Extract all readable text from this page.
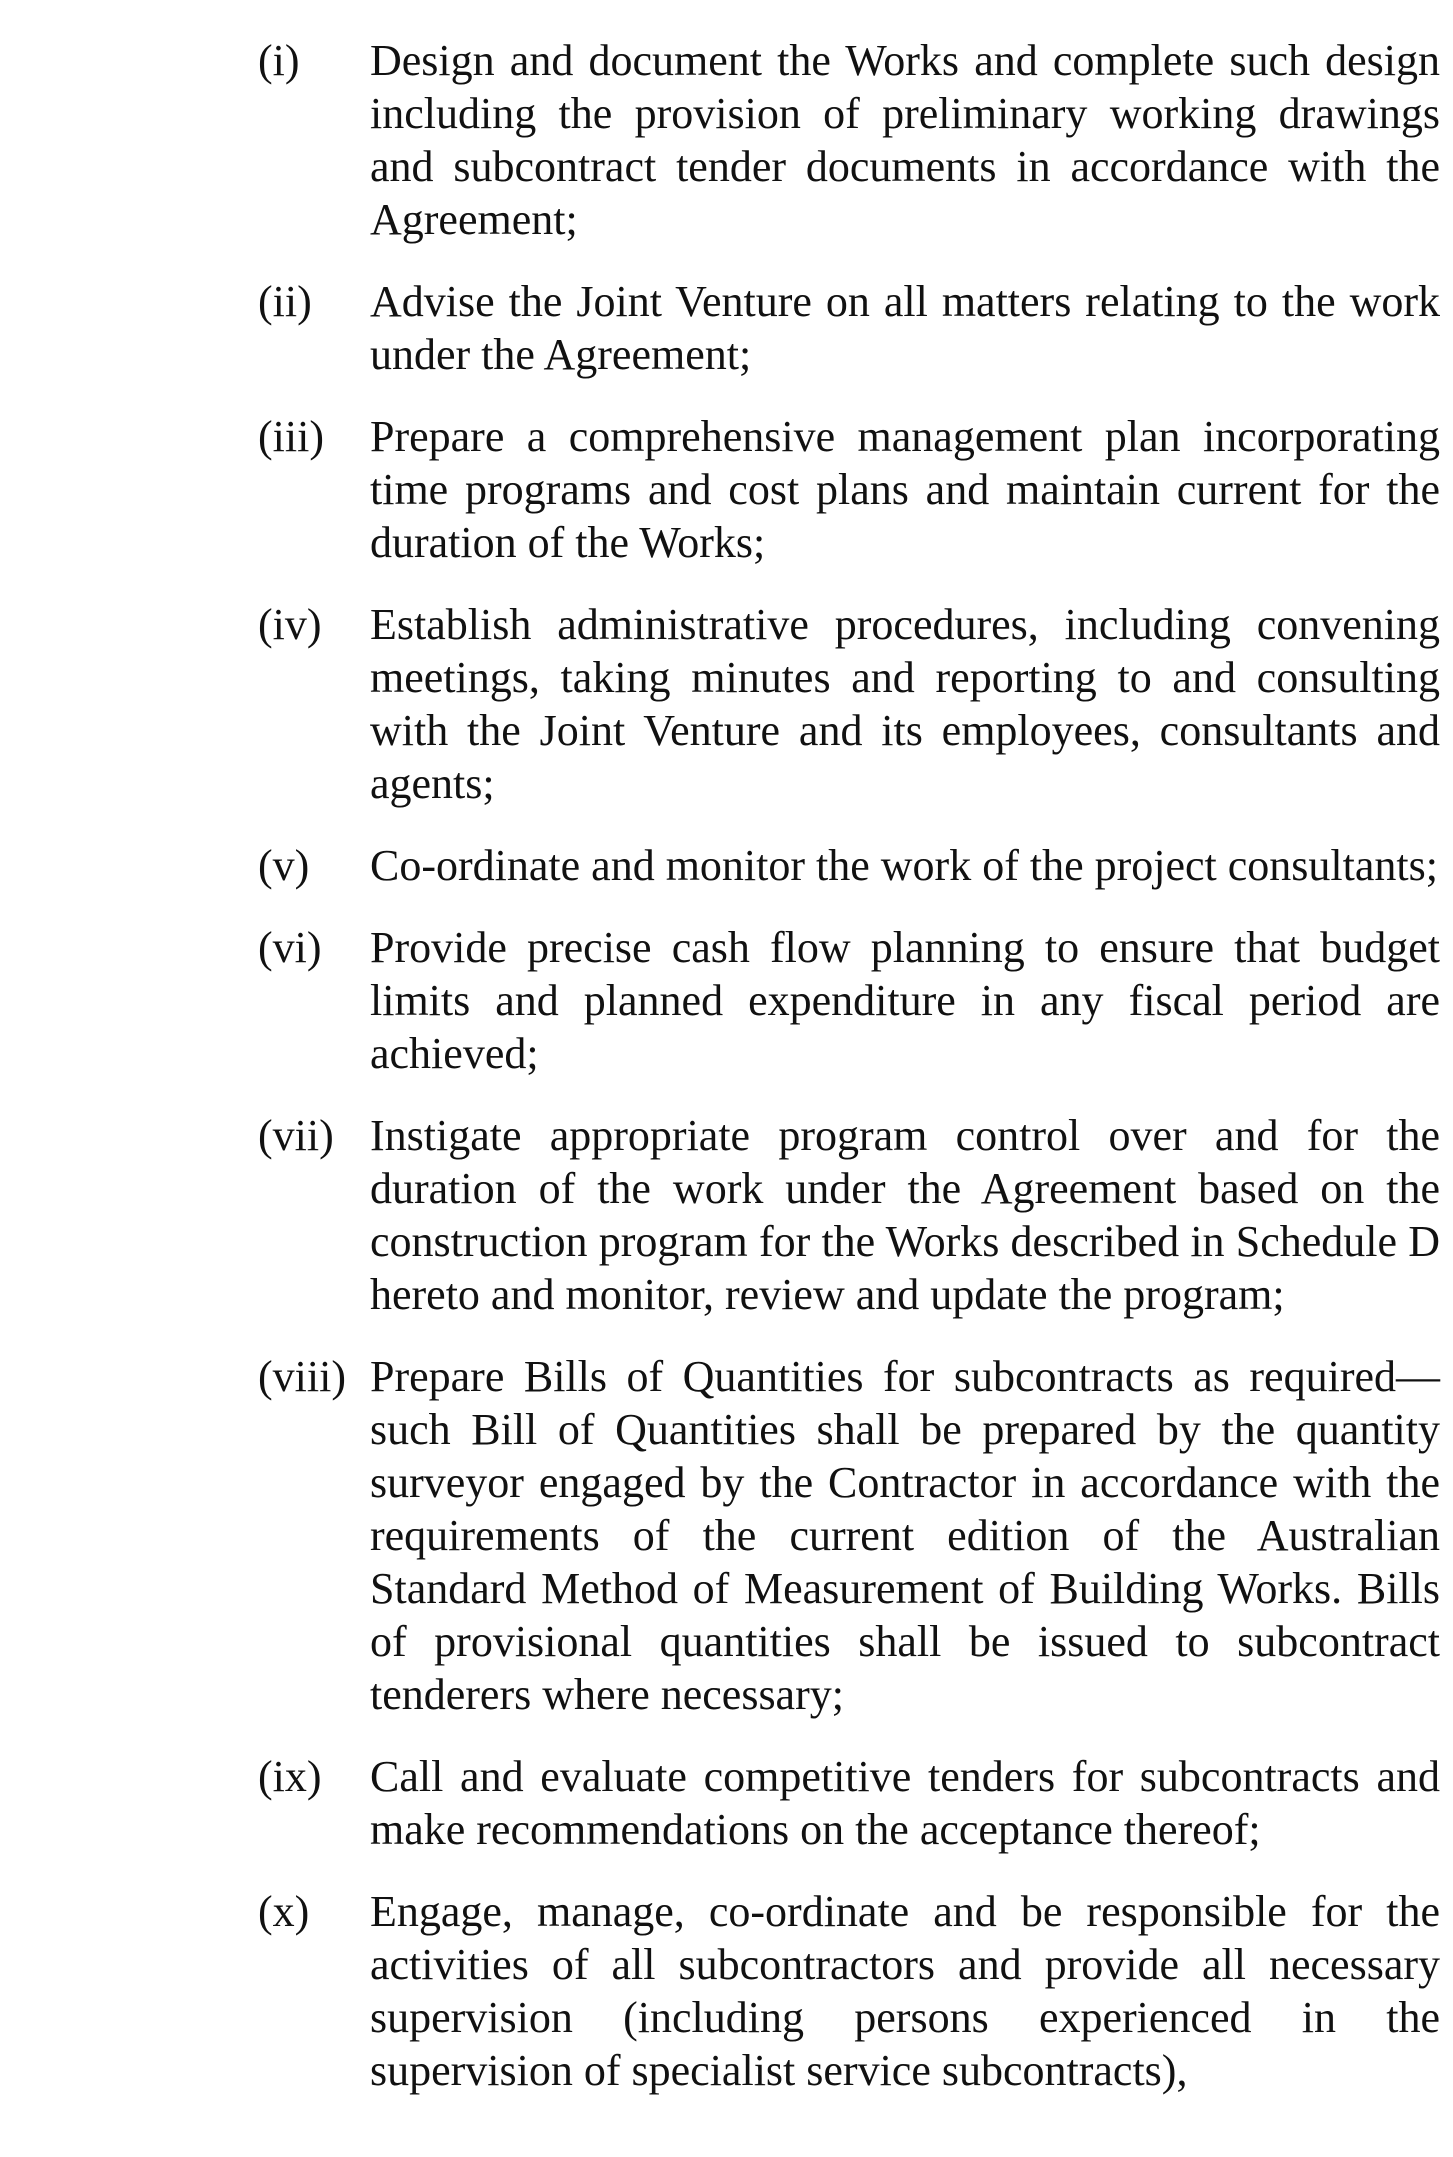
(i)	Design and document the Works and complete such design including the provision of preliminary working drawings and subcontract tender documents in accordance with the Agreement;
(ii)	Advise the Joint Venture on all matters relating to the work under the Agreement;
(iii)	Prepare a comprehensive management plan incorporating time programs and cost plans and maintain current for the duration of the Works;
(iv)	Establish administrative procedures, including convening meetings, taking minutes and reporting to and consulting with the Joint Venture and its employees, consultants and agents;
(v)	Co-ordinate and monitor the work of the project consultants;
(vi)	Provide precise cash flow planning to ensure that budget limits and planned expenditure in any fiscal period are achieved;
(vii) Instigate appropriate program control over and for the duration of the work under the Agreement based on the construction program for the Works described in Schedule D hereto and monitor, review and update the program;
(viii) Prepare Bills of Quantities for subcontracts as required—such Bill of Quantities shall be prepared by the quantity surveyor engaged by the Contractor in accordance with the requirements of the current edition of the Australian Standard Method of Measurement of Building Works. Bills of provisional quantities shall be issued to subcontract tenderers where necessary;
(ix)	Call and evaluate competitive tenders for subcontracts and make recommendations on the acceptance thereof;
(x)	Engage, manage, co-ordinate and be responsible for the activities of all subcontractors and provide all necessary supervision (including persons experienced in the supervision of specialist service subcontracts),
